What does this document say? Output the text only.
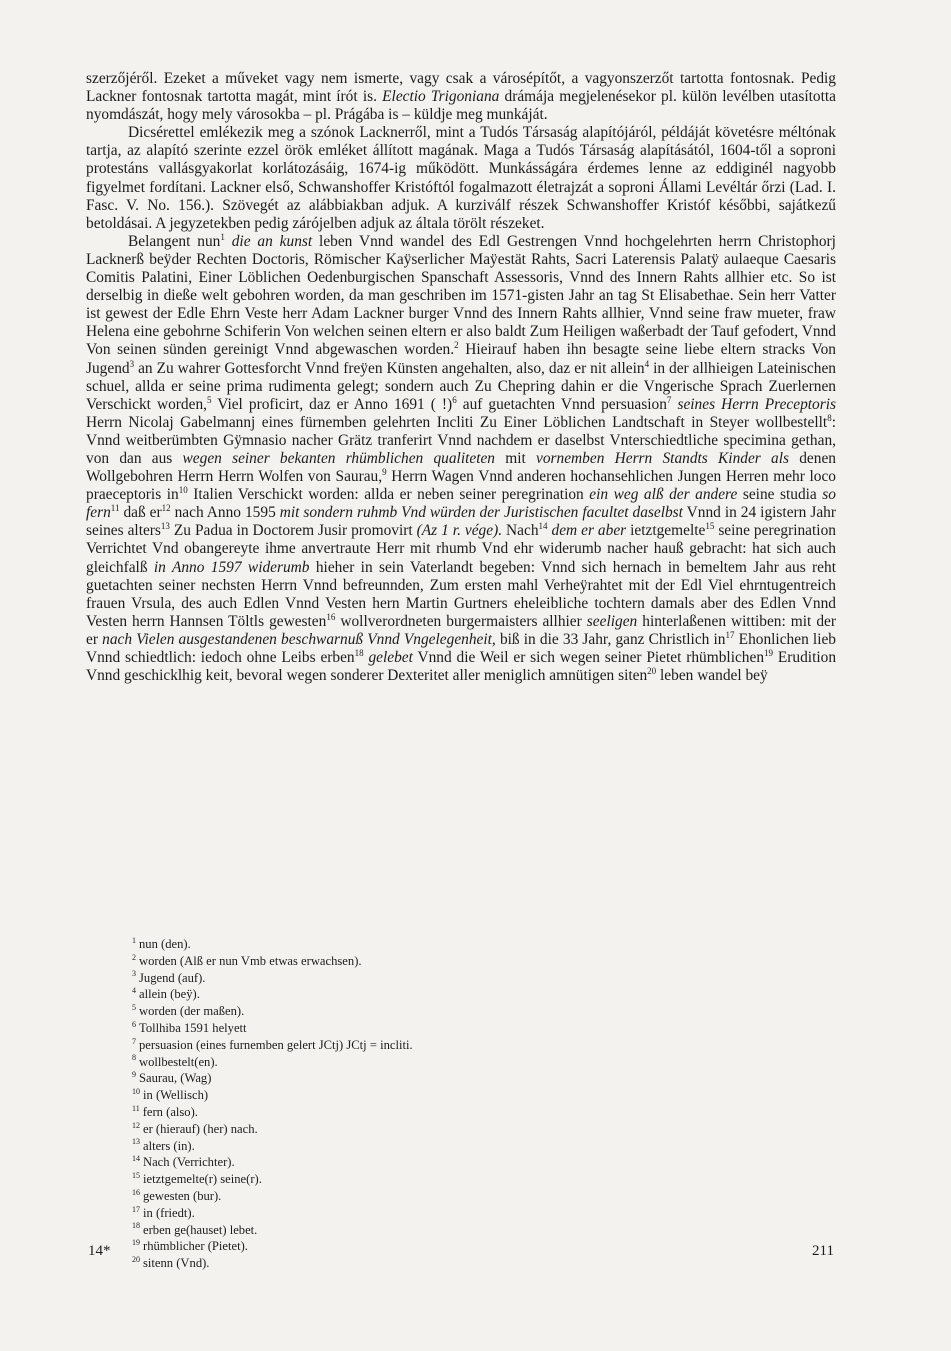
szerzőjéről. Ezeket a műveket vagy nem ismerte, vagy csak a városépítőt, a vagyonszerzőt tartotta fontosnak. Pedig Lackner fontosnak tartotta magát, mint írót is. Electio Trigoniana drámája megjelenésekor pl. külön levélben utasította nyomdászát, hogy mely városokba – pl. Prágába is – küldje meg munkáját.

Dicsérettel emlékezik meg a szónok Lacknerről, mint a Tudós Társaság alapítójáról, példáját követésre méltónak tartja, az alapító szerinte ezzel örök emléket állított magának. Maga a Tudós Társaság alapításától, 1604-től a soproni protestáns vallásgyakorlat korlátozásáig, 1674-ig működött. Munkásságára érdemes lenne az eddiginél nagyobb figyelmet fordítani. Lackner első, Schwanshoffer Kristóftól fogalmazott életrajzát a soproni Állami Levéltár őrzi (Lad. I. Fasc. V. No. 156.). Szövegét az alábbiakban adjuk. A kurziválf részek Schwanshoffer Kristóf későbbi, sajátkezű betoldásai. A jegyzetekben pedig zárójelben adjuk az általa törölt részeket.

Belangent nun$^1$ die an kunst leben Vnnd wandel des Edl Gestrengen Vnnd hochgelehrten herrn Christophorj Lacknerß beÿder Rechten Doctoris, Römischer Kaÿserlicher Maÿestät Rahts, Sacri Laterensis Palatÿ aulaeque Caesaris Comitis Palatini, Einer Löblichen Oedenburgischen Spanschaft Assessoris, Vnnd des Innern Rahts allhier etc. So ist derselbig in dieße welt gebohren worden, da man geschriben im 1571-gisten Jahr an tag St Elisabethae. Sein herr Vatter ist gewest der Edle Ehrn Veste herr Adam Lackner burger Vnnd des Innern Rahts allhier, Vnnd seine fraw mueter, fraw Helena eine gebohrne Schiferin Von welchen seinen eltern er also baldt Zum Heiligen waßerbadt der Tauf gefodert, Vnnd Von seinen sünden gereinigt Vnnd abgewaschen worden.$^2$ Hieirauf haben ihn besagte seine liebe eltern stracks Von Jugend$^3$ an Zu wahrer Gottesforcht Vnnd freÿen Künsten angehalten, also, daz er nit allein$^4$ in der allhieigen Lateinischen schuel, allda er seine prima rudimenta gelegt; sondern auch Zu Chepring dahin er die Vngerische Sprach Zuerlernen Verschickt worden,$^5$ Viel proficirt, daz er Anno 1691 ( !)$^6$ auf guetachten Vnnd persuasion$^7$ seines Herrn Preceptoris Herrn Nicolaj Gabelmannj eines fürnemben gelehrten Incliti Zu Einer Löblichen Landtschaft in Steyer wollbestellt$^8$: Vnnd weitberümbten Gÿmnasio nacher Grätz tranferirt Vnnd nachdem er daselbst Vnterschiedtliche specimina gethan, von dan aus wegen seiner bekanten rhümblichen qualiteten mit vornemben Herrn Standts Kinder als denen Wollgebohren Herrn Herrn Wolfen von Saurau,$^9$ Herrn Wagen Vnnd anderen hochansehlichen Jungen Herren mehr loco praeceptoris $in^{10}$ Italien Verschickt worden: allda er neben seiner peregrination ein weg alß der andere seine studia so fern$^{11}$ daß $er^{12}$ nach Anno 1595 mit sondern ruhmb Vnd würden der Juristischen facultet daselbst Vnnd in 24 igistern Jahr seines alters$^{13}$ Zu Padua in Doctorem Jusir promovirt (Az 1 r. vége). Nach$^{14}$ dem er aber ietztgemelte$^{15}$ seine peregrination Verrichtet Vnd obangereyte ihme anvertraute Herr mit rhumb Vnd ehr widerumb nacher hauß gebracht: hat sich auch gleichfalß in Anno 1597 widerumb hieher in sein Vaterlandt begeben: Vnnd sich hernach in bemeltem Jahr aus reht guetachten seiner nechsten Herrn Vnnd befreunnden, Zum ersten mahl Verheÿrahtet mit der Edl Viel ehrntugentreich frauen Vrsula, des auch Edlen Vnnd Vesten hern Martin Gurtners eheleibliche tochtern damals aber des Edlen Vnnd Vesten herrn Hannsen Töltls gewesten$^{16}$ wollverordneten burgermaisters allhier seeligen hinterlaßenen wittiben: mit der er nach Vielen ausgestandenen beschwarnuß Vnnd Vngelegenheit, biß in die 33 Jahr, ganz Christlich $in^{17}$ Ehonlichen lieb Vnnd schiedtlich: iedoch ohne Leibs erben$^{18}$ gelebet Vnnd die Weil er sich wegen seiner Pietet rhümblichen$^{19}$ Erudition Vnnd geschicklhig keit, bevoral wegen sonderer Dexteritet aller meniglich amnütigen siten$^{20}$ leben wandel beÿ

$^1$ nun (den).
$^2$ worden (Alß er nun Vmb etwas erwachsen).
$^3$ Jugend (auf).
$^4$ allein (beÿ).
$^5$ worden (der maßen).
$^6$ Tollhiba 1591 helyett
$^7$ persuasion (eines furnemben gelert JCtj) JCtj = incliti.
$^8$ wollbestelt(en).
$^9$ Saurau, (Wag)
$^{10}$ in (Wellisch)
$^{11}$ fern (also).
$^{12}$ er (hierauf) (her) nach.
$^{13}$ alters (in).
$^{14}$ Nach (Verrichter).
$^{15}$ ietztgemelte(r) seine(r).
$^{16}$ gewesten (bur).
$^{17}$ in (friedt).
$^{18}$ erben ge(hauset) lebet.
$^{19}$ rhümblicher (Pietet).
$^{20}$ sitenn (Vnd).
14*	211
